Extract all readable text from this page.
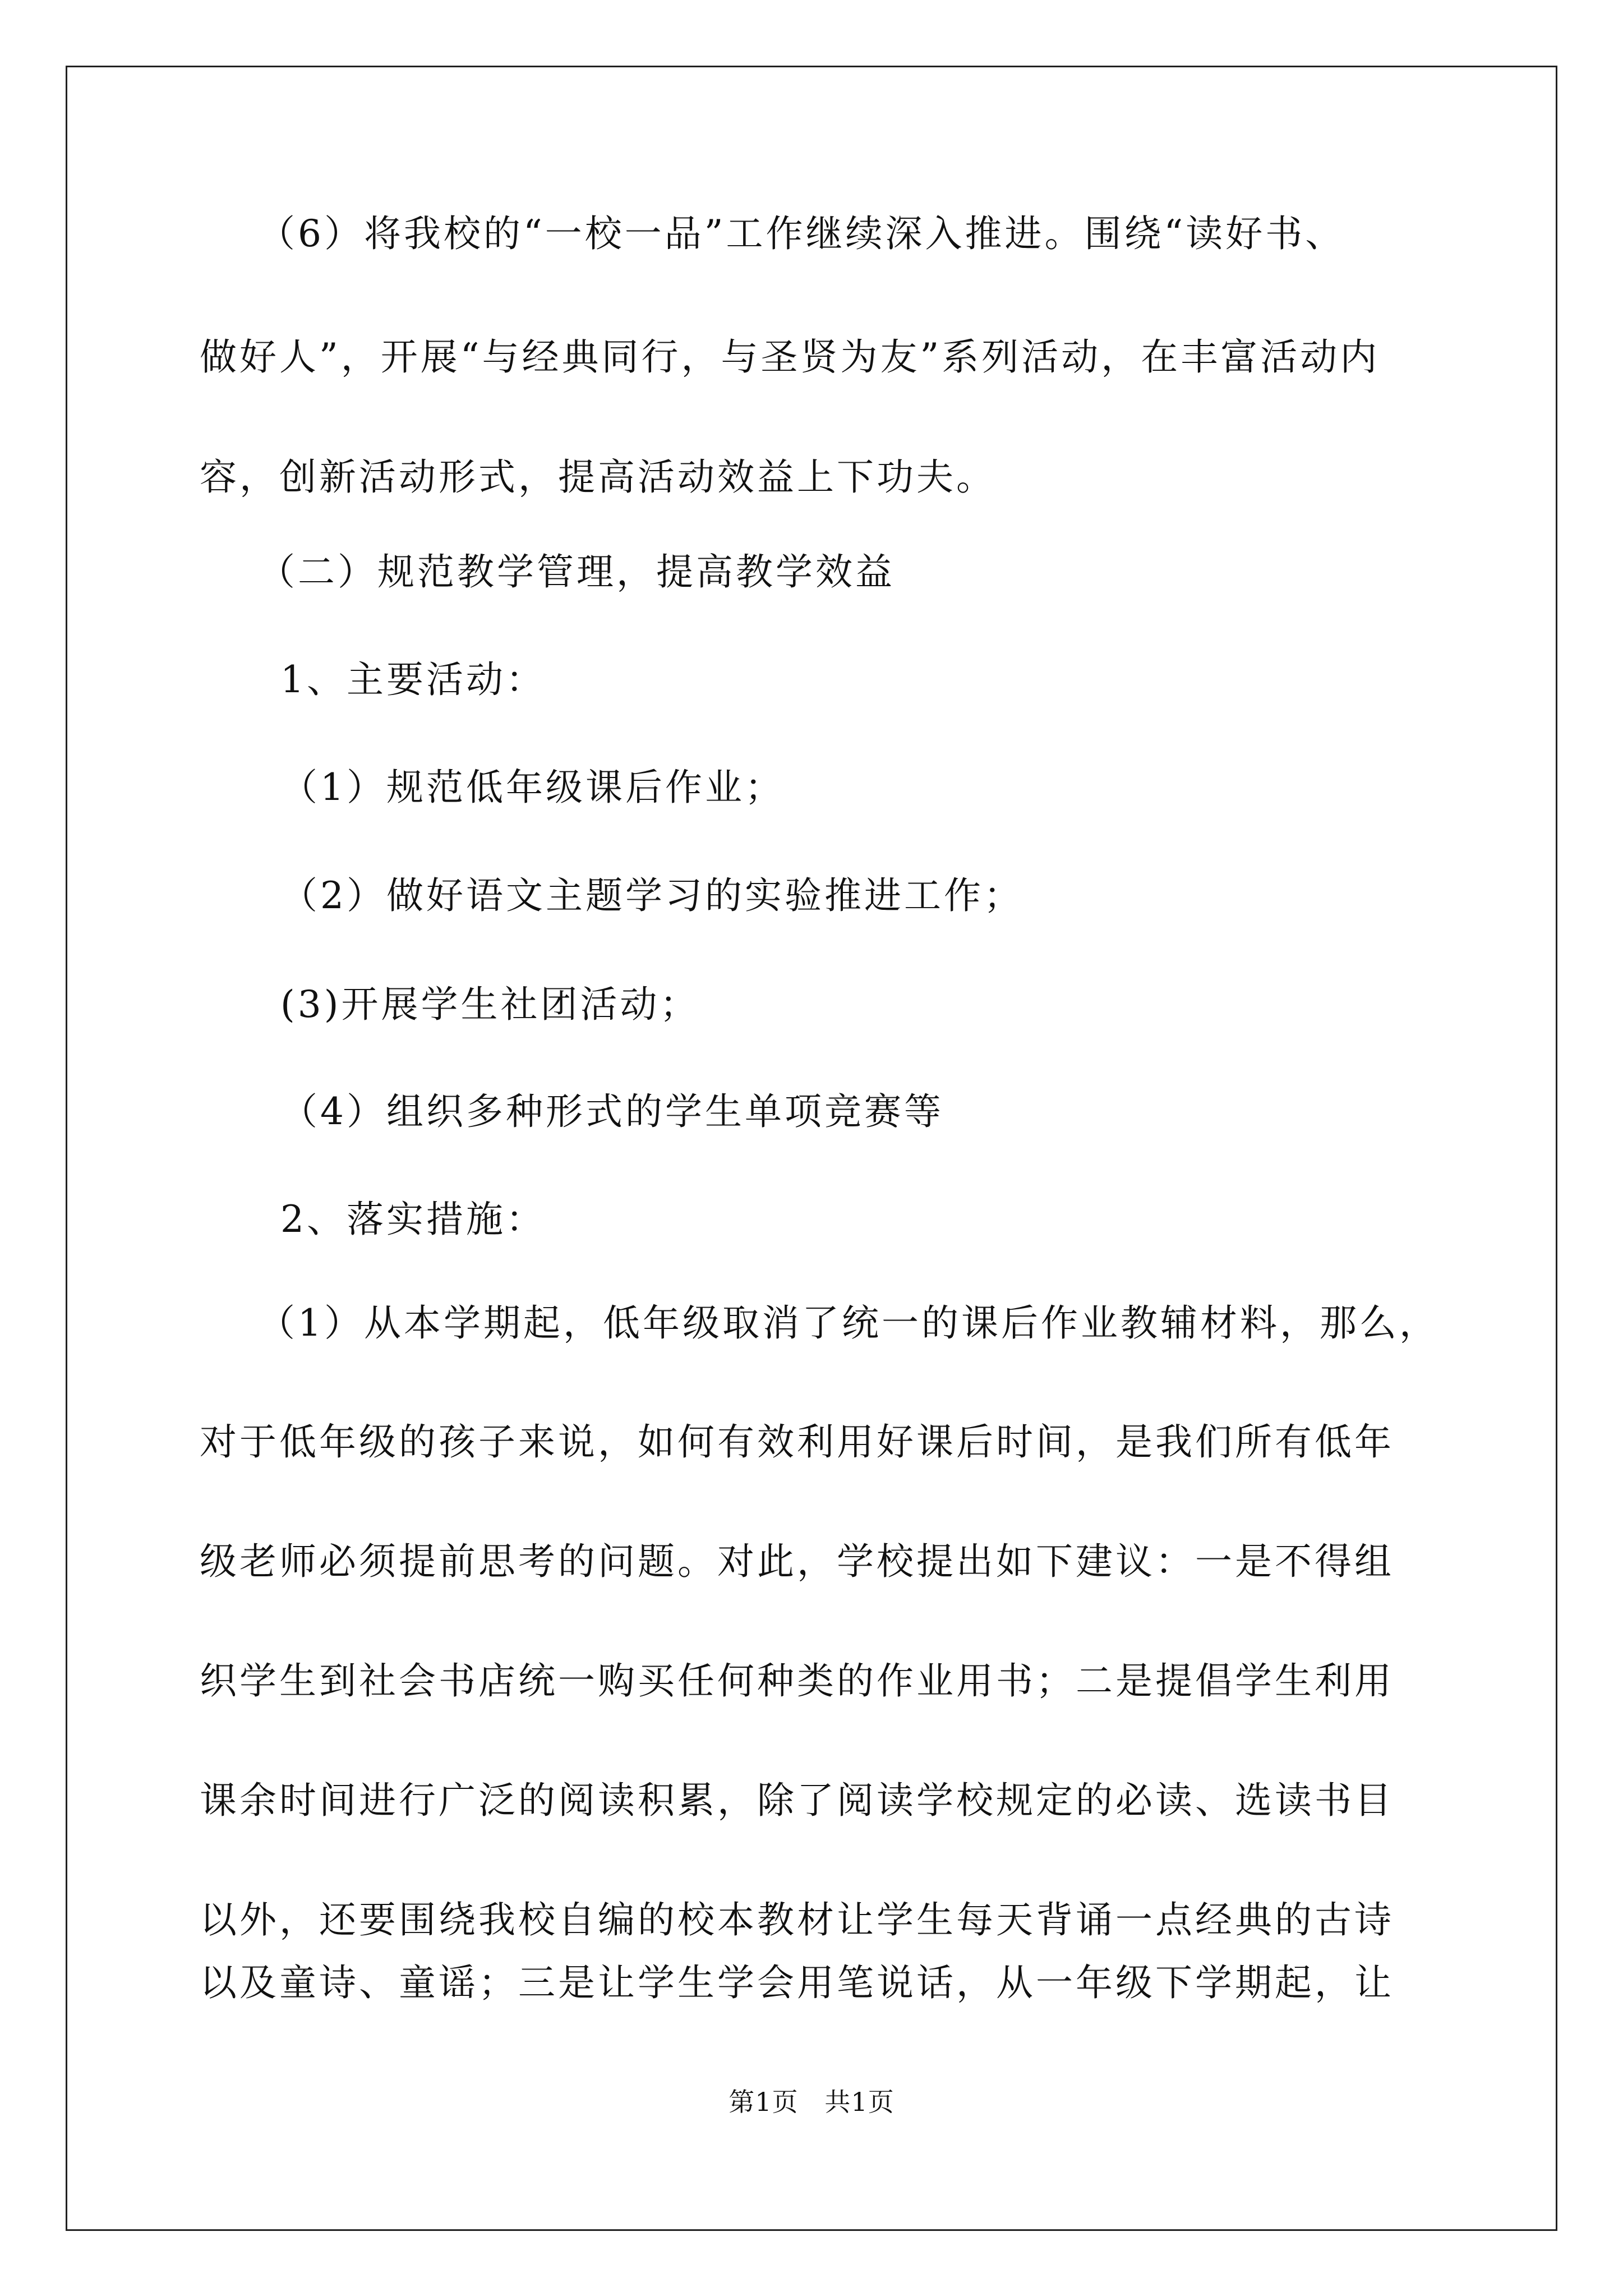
（6）将我校的“一校一品”工作继续深入推进。围绕“读好书、
做好人”，开展“与经典同行，与圣贤为友”系列活动，在丰富活动内
容，创新活动形式，提高活动效益上下功夫。
（二）规范教学管理，提高教学效益
1、主要活动：
（1）规范低年级课后作业；
（2）做好语文主题学习的实验推进工作；
(3)开展学生社团活动；
（4）组织多种形式的学生单项竞赛等
2、落实措施：
（1）从本学期起，低年级取消了统一的课后作业教辅材料，那么，
对于低年级的孩子来说，如何有效利用好课后时间，是我们所有低年
级老师必须提前思考的问题。对此，学校提出如下建议：一是不得组
织学生到社会书店统一购买任何种类的作业用书；二是提倡学生利用
课余时间进行广泛的阅读积累，除了阅读学校规定的必读、选读书目
以外，还要围绕我校自编的校本教材让学生每天背诵一点经典的古诗
以及童诗、童谣；三是让学生学会用笔说话，从一年级下学期起，让
第1页   共1页
